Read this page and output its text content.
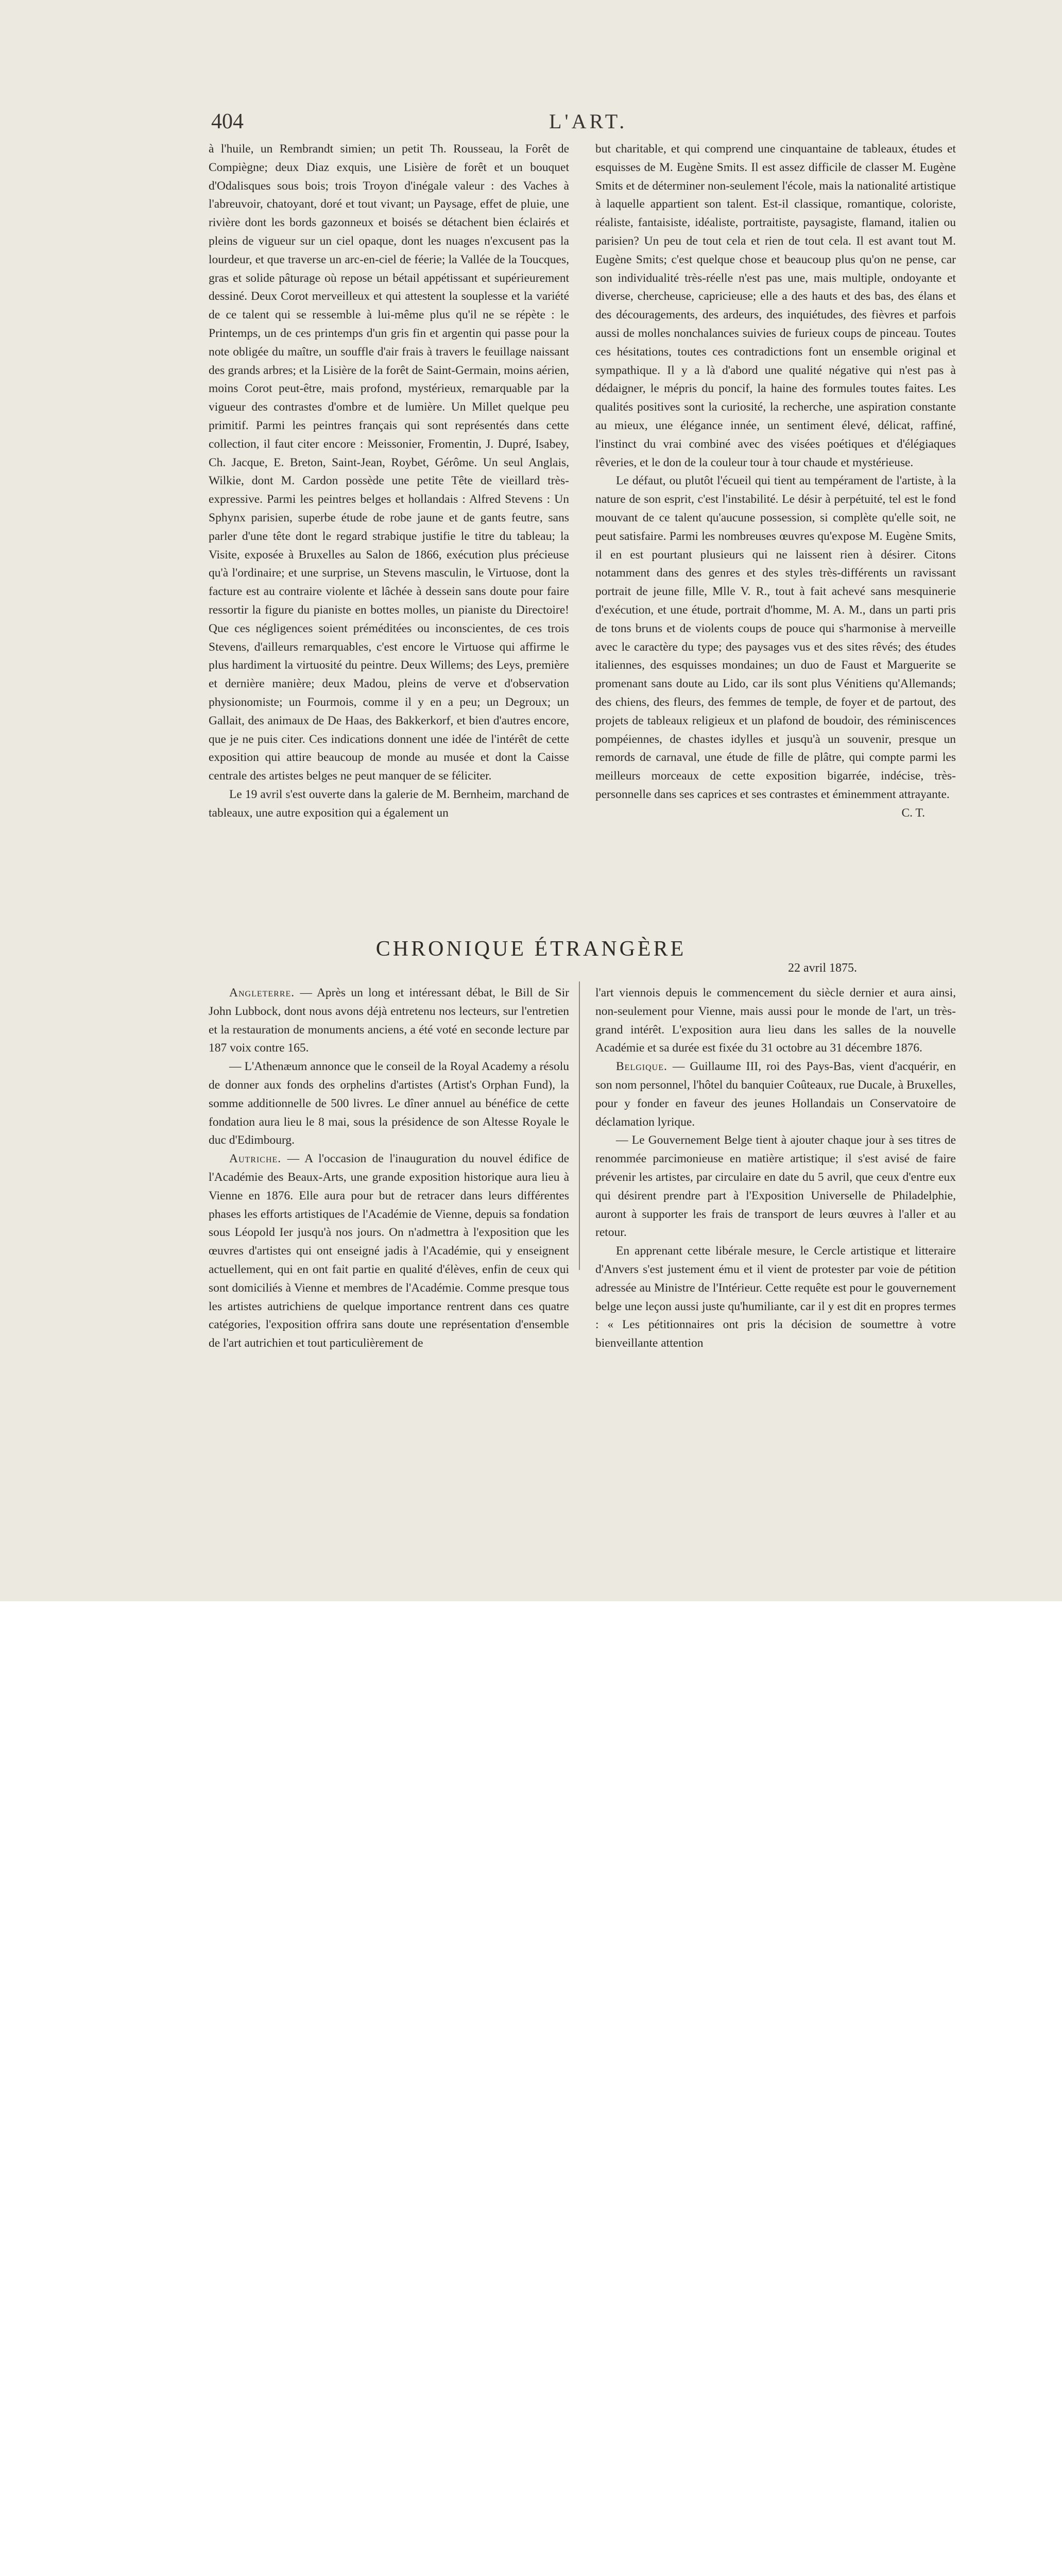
404	L'ART.

à l'huile, un Rembrandt simien; un petit Th. Rousseau, la Forêt de Compiègne; deux Diaz exquis, une Lisière de forêt et un bouquet d'Odalisques sous bois; trois Troyon d'inégale valeur : des Vaches à l'abreuvoir, chatoyant, doré et tout vivant; un Paysage, effet de pluie, une rivière dont les bords gazonneux et boisés se détachent bien éclairés et pleins de vigueur sur un ciel opaque, dont les nuages n'excusent pas la lourdeur, et que traverse un arc-en-ciel de féerie; la Vallée de la Toucques, gras et solide pâturage où repose un bétail appétissant et supérieurement dessiné. Deux Corot merveilleux et qui attestent la souplesse et la variété de ce talent qui se ressemble à lui-même plus qu'il ne se répète : le Printemps, un de ces printemps d'un gris fin et argentin qui passe pour la note obligée du maître, un souffle d'air frais à travers le feuillage naissant des grands arbres; et la Lisière de la forêt de Saint-Germain, moins aérien, moins Corot peut-être, mais profond, mystérieux, remarquable par la vigueur des contrastes d'ombre et de lumière. Un Millet quelque peu primitif. Parmi les peintres français qui sont représentés dans cette collection, il faut citer encore : Meissonier, Fromentin, J. Dupré, Isabey, Ch. Jacque, E. Breton, Saint-Jean, Roybet, Gérôme. Un seul Anglais, Wilkie, dont M. Cardon possède une petite Tête de vieillard très-expressive. Parmi les peintres belges et hollandais : Alfred Stevens : Un Sphynx parisien, superbe étude de robe jaune et de gants feutre, sans parler d'une tête dont le regard strabique justifie le titre du tableau; la Visite, exposée à Bruxelles au Salon de 1866, exécution plus précieuse qu'à l'ordinaire; et une surprise, un Stevens masculin, le Virtuose, dont la facture est au contraire violente et lâchée à dessein sans doute pour faire ressortir la figure du pianiste en bottes molles, un pianiste du Directoire! Que ces négligences soient préméditées ou inconscientes, de ces trois Stevens, d'ailleurs remarquables, c'est encore le Virtuose qui affirme le plus hardiment la virtuosité du peintre. Deux Willems; des Leys, première et dernière manière; deux Madou, pleins de verve et d'observation physionomiste; un Fourmois, comme il y en a peu; un Degroux; un Gallait, des animaux de De Haas, des Bakkerkorf, et bien d'autres encore, que je ne puis citer. Ces indications donnent une idée de l'intérêt de cette exposition qui attire beaucoup de monde au musée et dont la Caisse centrale des artistes belges ne peut manquer de se féliciter.

Le 19 avril s'est ouverte dans la galerie de M. Bernheim, marchand de tableaux, une autre exposition qui a également un

but charitable, et qui comprend une cinquantaine de tableaux, études et esquisses de M. Eugène Smits. Il est assez difficile de classer M. Eugène Smits et de déterminer non-seulement l'école, mais la nationalité artistique à laquelle appartient son talent. Est-il classique, romantique, coloriste, réaliste, fantaisiste, idéaliste, portraitiste, paysagiste, flamand, italien ou parisien? Un peu de tout cela et rien de tout cela. Il est avant tout M. Eugène Smits; c'est quelque chose et beaucoup plus qu'on ne pense, car son individualité très-réelle n'est pas une, mais multiple, ondoyante et diverse, chercheuse, capricieuse; elle a des hauts et des bas, des élans et des découragements, des ardeurs, des inquiétudes, des fièvres et parfois aussi de molles nonchalances suivies de furieux coups de pinceau. Toutes ces hésitations, toutes ces contradictions font un ensemble original et sympathique. Il y a là d'abord une qualité négative qui n'est pas à dédaigner, le mépris du poncif, la haine des formules toutes faites. Les qualités positives sont la curiosité, la recherche, une aspiration constante au mieux, une élégance innée, un sentiment élevé, délicat, raffiné, l'instinct du vrai combiné avec des visées poétiques et d'élégiaques rêveries, et le don de la couleur tour à tour chaude et mystérieuse.

Le défaut, ou plutôt l'écueil qui tient au tempérament de l'artiste, à la nature de son esprit, c'est l'instabilité. Le désir à perpétuité, tel est le fond mouvant de ce talent qu'aucune possession, si complète qu'elle soit, ne peut satisfaire. Parmi les nombreuses œuvres qu'expose M. Eugène Smits, il en est pourtant plusieurs qui ne laissent rien à désirer. Citons notamment dans des genres et des styles très-différents un ravissant portrait de jeune fille, Mlle V. R., tout à fait achevé sans mesquinerie d'exécution, et une étude, portrait d'homme, M. A. M., dans un parti pris de tons bruns et de violents coups de pouce qui s'harmonise à merveille avec le caractère du type; des paysages vus et des sites rêvés; des études italiennes, des esquisses mondaines; un duo de Faust et Marguerite se promenant sans doute au Lido, car ils sont plus Vénitiens qu'Allemands; des chiens, des fleurs, des femmes de temple, de foyer et de partout, des projets de tableaux religieux et un plafond de boudoir, des réminiscences pompéiennes, de chastes idylles et jusqu'à un souvenir, presque un remords de carnaval, une étude de fille de plâtre, qui compte parmi les meilleurs morceaux de cette exposition bigarrée, indécise, très-personnelle dans ses caprices et ses contrastes et éminemment attrayante.

C. T.

CHRONIQUE ÉTRANGÈRE
22 avril 1875.

Angleterre. — Après un long et intéressant débat, le Bill de Sir John Lubbock, dont nous avons déjà entretenu nos lecteurs, sur l'entretien et la restauration de monuments anciens, a été voté en seconde lecture par 187 voix contre 165.

— L'Athenæum annonce que le conseil de la Royal Academy a résolu de donner aux fonds des orphelins d'artistes (Artist's Orphan Fund), la somme additionnelle de 500 livres. Le dîner annuel au bénéfice de cette fondation aura lieu le 8 mai, sous la présidence de son Altesse Royale le duc d'Edimbourg.

Autriche. — A l'occasion de l'inauguration du nouvel édifice de l'Académie des Beaux-Arts, une grande exposition historique aura lieu à Vienne en 1876. Elle aura pour but de retracer dans leurs différentes phases les efforts artistiques de l'Académie de Vienne, depuis sa fondation sous Léopold Ier jusqu'à nos jours. On n'admettra à l'exposition que les œuvres d'artistes qui ont enseigné jadis à l'Académie, qui y enseignent actuellement, qui en ont fait partie en qualité d'élèves, enfin de ceux qui sont domiciliés à Vienne et membres de l'Académie. Comme presque tous les artistes autrichiens de quelque importance rentrent dans ces quatre catégories, l'exposition offrira sans doute une représentation d'ensemble de l'art autrichien et tout particulièrement de

l'art viennois depuis le commencement du siècle dernier et aura ainsi, non-seulement pour Vienne, mais aussi pour le monde de l'art, un très-grand intérêt. L'exposition aura lieu dans les salles de la nouvelle Académie et sa durée est fixée du 31 octobre au 31 décembre 1876.

Belgique. — Guillaume III, roi des Pays-Bas, vient d'acquérir, en son nom personnel, l'hôtel du banquier Coûteaux, rue Ducale, à Bruxelles, pour y fonder en faveur des jeunes Hollandais un Conservatoire de déclamation lyrique.

— Le Gouvernement Belge tient à ajouter chaque jour à ses titres de renommée parcimonieuse en matière artistique; il s'est avisé de faire prévenir les artistes, par circulaire en date du 5 avril, que ceux d'entre eux qui désirent prendre part à l'Exposition Universelle de Philadelphie, auront à supporter les frais de transport de leurs œuvres à l'aller et au retour.

En apprenant cette libérale mesure, le Cercle artistique et litteraire d'Anvers s'est justement ému et il vient de protester par voie de pétition adressée au Ministre de l'Intérieur. Cette requête est pour le gouvernement belge une leçon aussi juste qu'humiliante, car il y est dit en propres termes : « Les pétitionnaires ont pris la décision de soumettre à votre bienveillante attention
